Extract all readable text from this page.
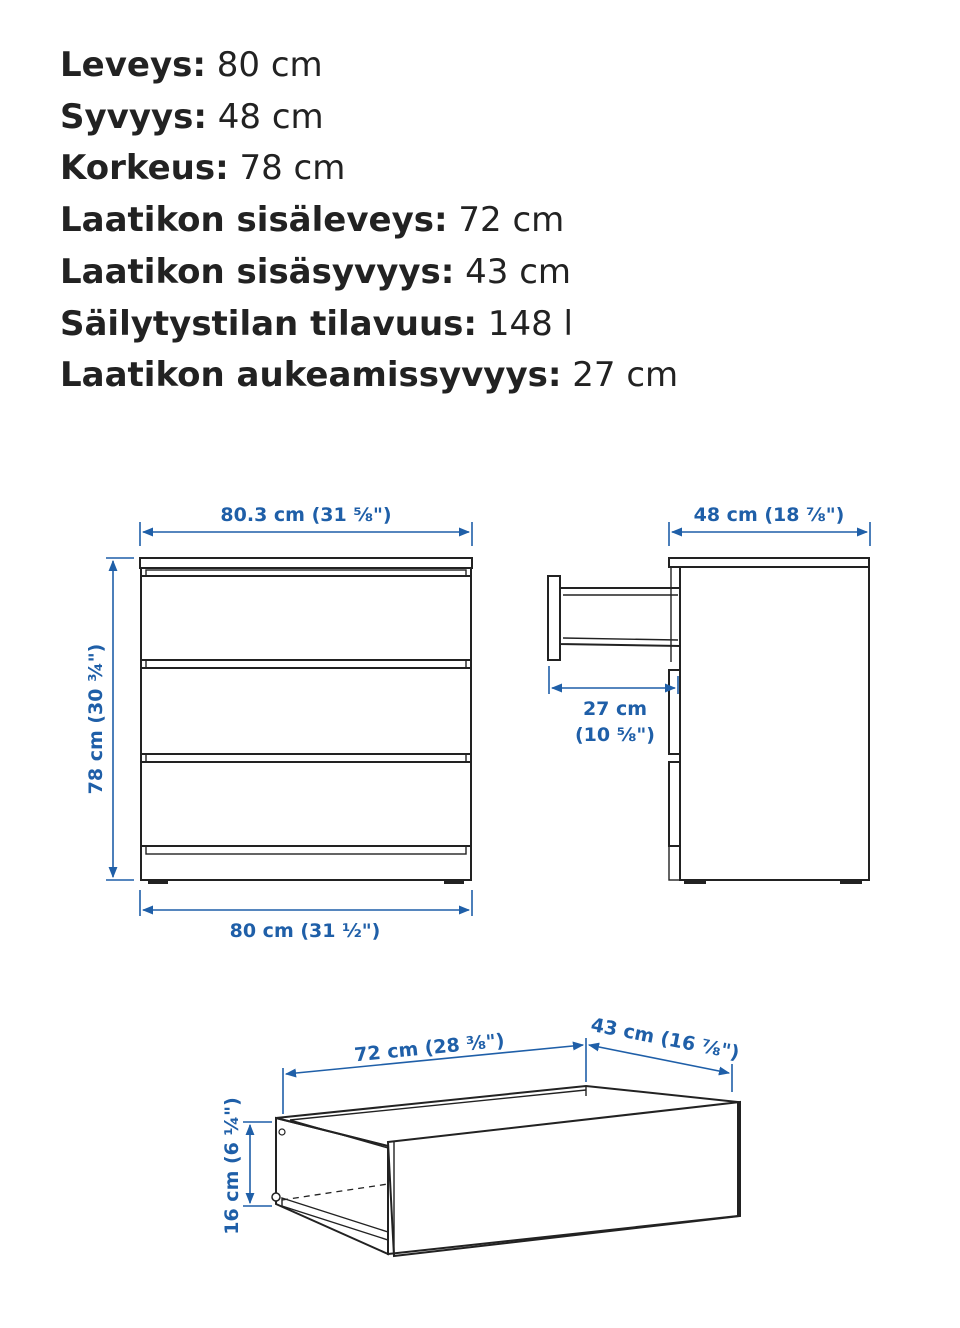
Leveys: 80 cm
Syvyys: 48 cm
Korkeus: 78 cm
Laatikon sisäleveys: 72 cm
Laatikon sisäsyvyys: 43 cm
Säilytystilan tilavuus: 148 l
Laatikon aukeamissyvyys: 27 cm
80.3 cm (31 ⅝")
78 cm (30 ¾")
80 cm (31 ½")
48 cm (18 ⅞")
27 cm
(10 ⅝")
72 cm (28 ⅜")	43 cm (16 ⅞")
16 cm (6 ¼")
